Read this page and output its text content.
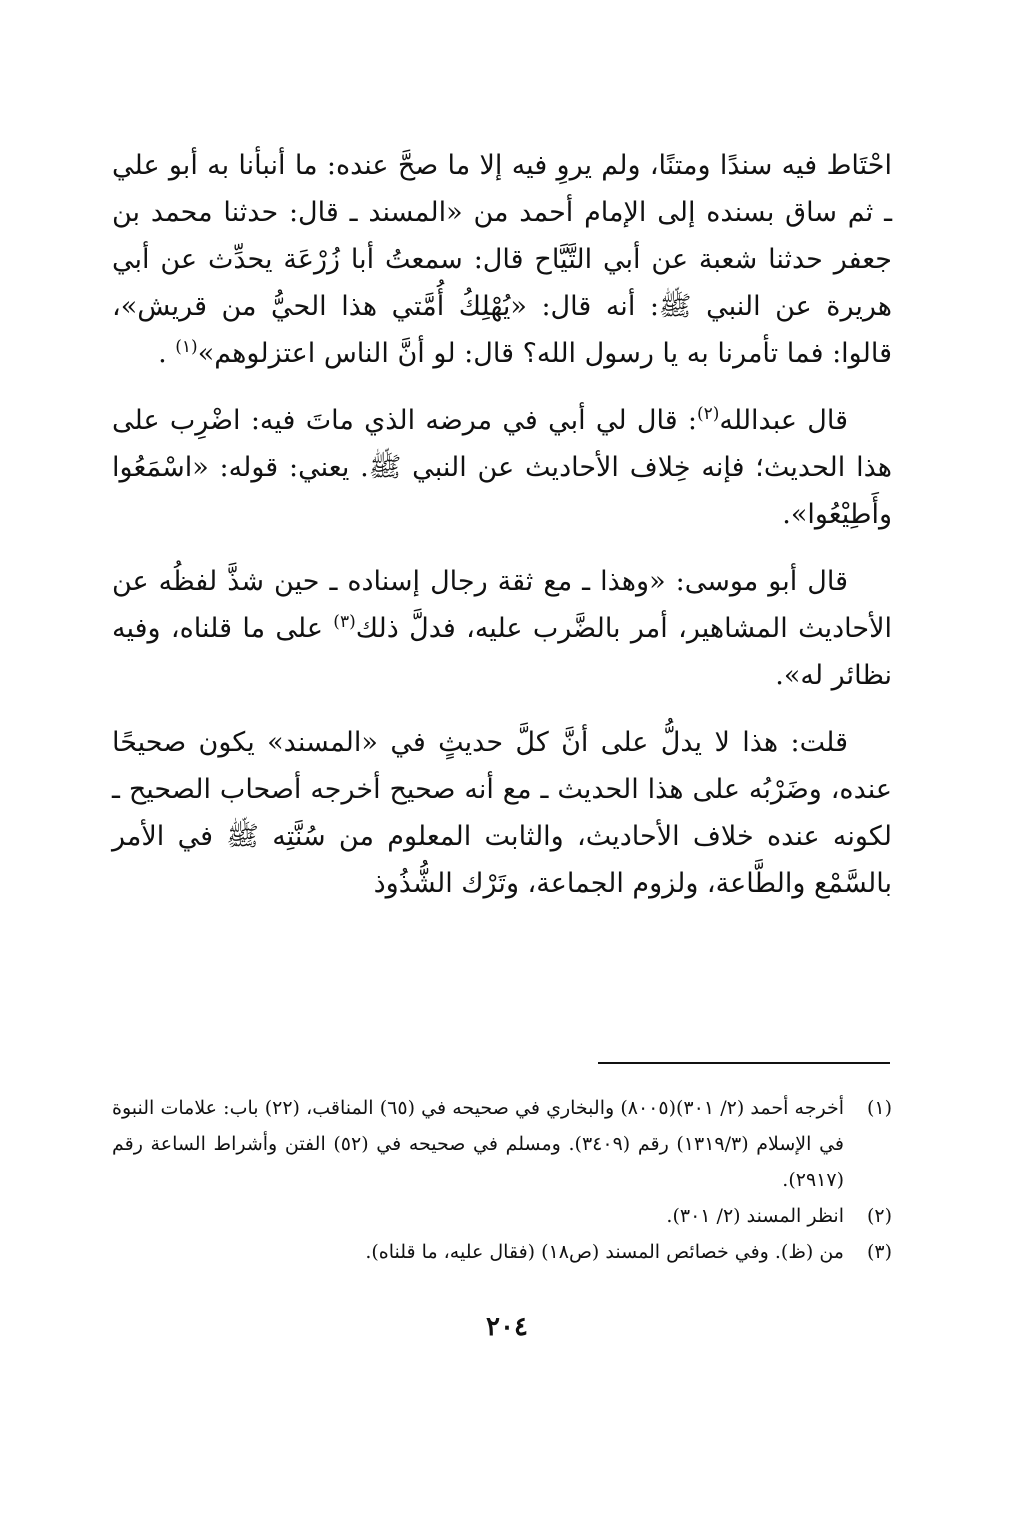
احْتَاط فيه سندًا ومتنًا، ولم يروِ فيه إلا ما صحَّ عنده: ما أنبأنا به أبو علي ـ ثم ساق بسنده إلى الإمام أحمد من «المسند ـ قال: حدثنا محمد بن جعفر حدثنا شعبة عن أبي التَّيَّاح قال: سمعتُ أبا زُرْعَة يحدِّث عن أبي هريرة عن النبي ﷺ: أنه قال: «يُهْلِكُ أُمَّتي هذا الحيُّ من قريش»، قالوا: فما تأمرنا به يا رسول الله؟ قال: لو أنَّ الناس اعتزلوهم»$^{(١)}$ .

قال عبدالله$^{(٢)}$: قال لي أبي في مرضه الذي ماتَ فيه: اضْرِب على هذا الحديث؛ فإنه خِلاف الأحاديث عن النبي ﷺ. يعني: قوله: «اسْمَعُوا وأَطِيْعُوا».

قال أبو موسى: «وهذا ـ مع ثقة رجال إسناده ـ حين شذَّ لفظُه عن الأحاديث المشاهير، أمر بالضَّرب عليه، فدلَّ ذلك$^{(٣)}$ على ما قلناه، وفيه نظائر له».

قلت: هذا لا يدلُّ على أنَّ كلَّ حديثٍ في «المسند» يكون صحيحًا عنده، وضَرْبُه على هذا الحديث ـ مع أنه صحيح أخرجه أصحاب الصحيح ـ لكونه عنده خلاف الأحاديث، والثابت المعلوم من سُنَّتِه ﷺ في الأمر بالسَّمْع والطَّاعة، ولزوم الجماعة، وتَرْك الشُّذُوذ

(١)
أخرجه أحمد (٢/ ٣٠١)(٨٠٠٥) والبخاري في صحيحه في (٦٥) المناقب، (٢٢) باب: علامات النبوة في الإسلام (١٣١٩/٣) رقم (٣٤٠٩). ومسلم في صحيحه في (٥٢) الفتن وأشراط الساعة رقم (٢٩١٧).
(٢)
انظر المسند (٢/ ٣٠١).
(٣)
من (ظ). وفي خصائص المسند (ص١٨) (فقال عليه، ما قلناه).
٢٠٤
